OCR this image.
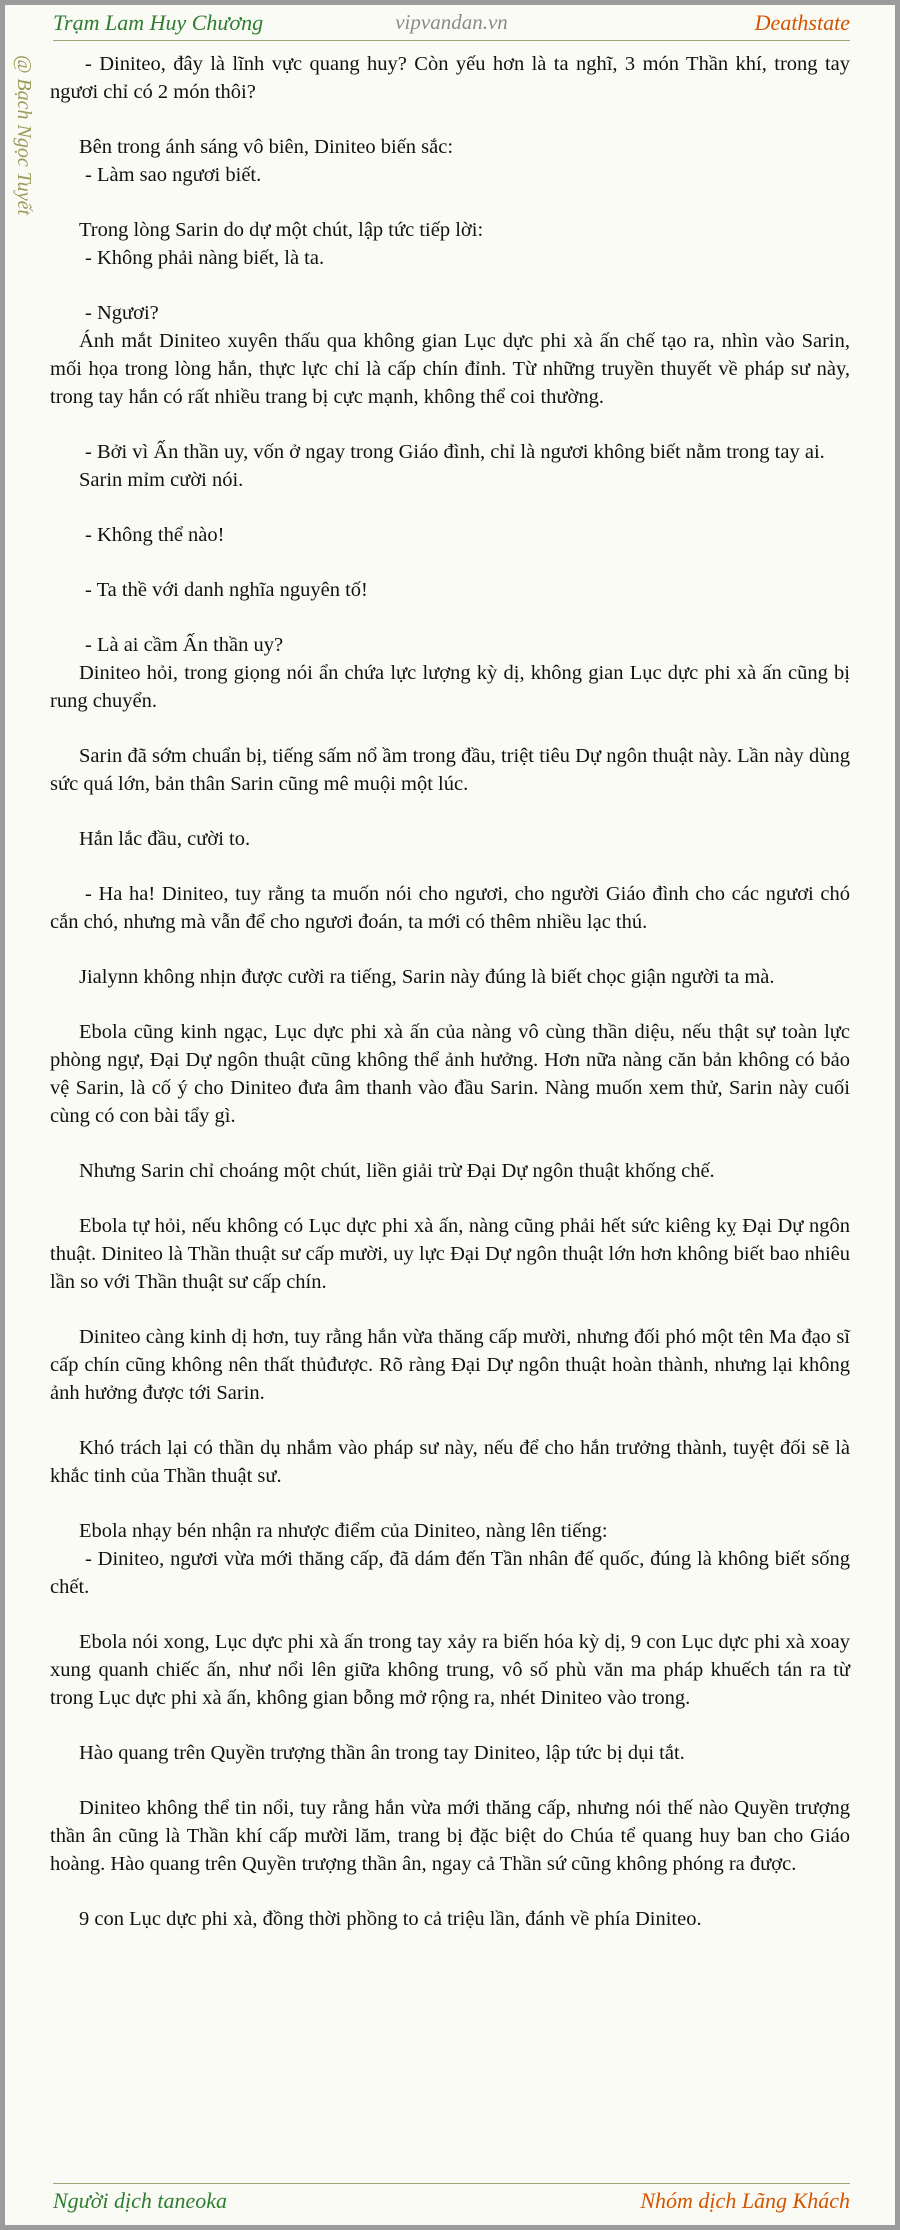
Trạm Lam Huy Chương	vipvandan.vn	Deathstate
@ Bạch Ngọc Tuyết	- Diniteo, đây là lĩnh vực quang huy? Còn yếu hơn là ta nghĩ, 3 món Thần khí, trong tay ngươi chỉ có 2 món thôi?

Bên trong ánh sáng vô biên, Diniteo biến sắc:

- Làm sao ngươi biết.

Trong lòng Sarin do dự một chút, lập tức tiếp lời:

- Không phải nàng biết, là ta.

- Ngươi?

Ánh mắt Diniteo xuyên thấu qua không gian Lục dực phi xà ấn chế tạo ra, nhìn vào Sarin, mối họa trong lòng hắn, thực lực chỉ là cấp chín đỉnh. Từ những truyền thuyết về pháp sư này, trong tay hắn có rất nhiều trang bị cực mạnh, không thể coi thường.

- Bởi vì Ấn thần uy, vốn ở ngay trong Giáo đình, chỉ là ngươi không biết nằm trong tay ai.

Sarin mỉm cười nói.

- Không thể nào!

- Ta thề với danh nghĩa nguyên tố!

- Là ai cầm Ấn thần uy?

Diniteo hỏi, trong giọng nói ẩn chứa lực lượng kỳ dị, không gian Lục dực phi xà ấn cũng bị rung chuyển.

Sarin đã sớm chuẩn bị, tiếng sấm nổ ầm trong đầu, triệt tiêu Dự ngôn thuật này. Lần này dùng sức quá lớn, bản thân Sarin cũng mê muội một lúc.

Hắn lắc đầu, cười to.

- Ha ha! Diniteo, tuy rằng ta muốn nói cho ngươi, cho người Giáo đình cho các ngươi chó cắn chó, nhưng mà vẫn để cho ngươi đoán, ta mới có thêm nhiều lạc thú.

Jialynn không nhịn được cười ra tiếng, Sarin này đúng là biết chọc giận người ta mà.

Ebola cũng kinh ngạc, Lục dực phi xà ấn của nàng vô cùng thần diệu, nếu thật sự toàn lực phòng ngự, Đại Dự ngôn thuật cũng không thể ảnh hưởng. Hơn nữa nàng căn bản không có bảo vệ Sarin, là cố ý cho Diniteo đưa âm thanh vào đầu Sarin. Nàng muốn xem thử, Sarin này cuối cùng có con bài tẩy gì.

Nhưng Sarin chỉ choáng một chút, liền giải trừ Đại Dự ngôn thuật khống chế.

Ebola tự hỏi, nếu không có Lục dực phi xà ấn, nàng cũng phải hết sức kiêng kỵ Đại Dự ngôn thuật. Diniteo là Thần thuật sư cấp mười, uy lực Đại Dự ngôn thuật lớn hơn không biết bao nhiêu lần so với Thần thuật sư cấp chín.

Diniteo càng kinh dị hơn, tuy rằng hắn vừa thăng cấp mười, nhưng đối phó một tên Ma đạo sĩ cấp chín cũng không nên thất thủđược. Rõ ràng Đại Dự ngôn thuật hoàn thành, nhưng lại không ảnh hưởng được tới Sarin.

Khó trách lại có thần dụ nhắm vào pháp sư này, nếu để cho hắn trưởng thành, tuyệt đối sẽ là khắc tinh của Thần thuật sư.

Ebola nhạy bén nhận ra nhược điểm của Diniteo, nàng lên tiếng:

- Diniteo, ngươi vừa mới thăng cấp, đã dám đến Tần nhân đế quốc, đúng là không biết sống chết.

Ebola nói xong, Lục dực phi xà ấn trong tay xảy ra biến hóa kỳ dị, 9 con Lục dực phi xà xoay xung quanh chiếc ấn, như nổi lên giữa không trung, vô số phù văn ma pháp khuếch tán ra từ trong Lục dực phi xà ấn, không gian bỗng mở rộng ra, nhét Diniteo vào trong.

Hào quang trên Quyền trượng thần ân trong tay Diniteo, lập tức bị dụi tắt.

Diniteo không thể tin nổi, tuy rằng hắn vừa mới thăng cấp, nhưng nói thế nào Quyền trượng thần ân cũng là Thần khí cấp mười lăm, trang bị đặc biệt do Chúa tể quang huy ban cho Giáo hoàng. Hào quang trên Quyền trượng thần ân, ngay cả Thần sứ cũng không phóng ra được.

9 con Lục dực phi xà, đồng thời phồng to cả triệu lần, đánh về phía Diniteo.

Người dịch taneoka	Nhóm dịch Lãng Khách
